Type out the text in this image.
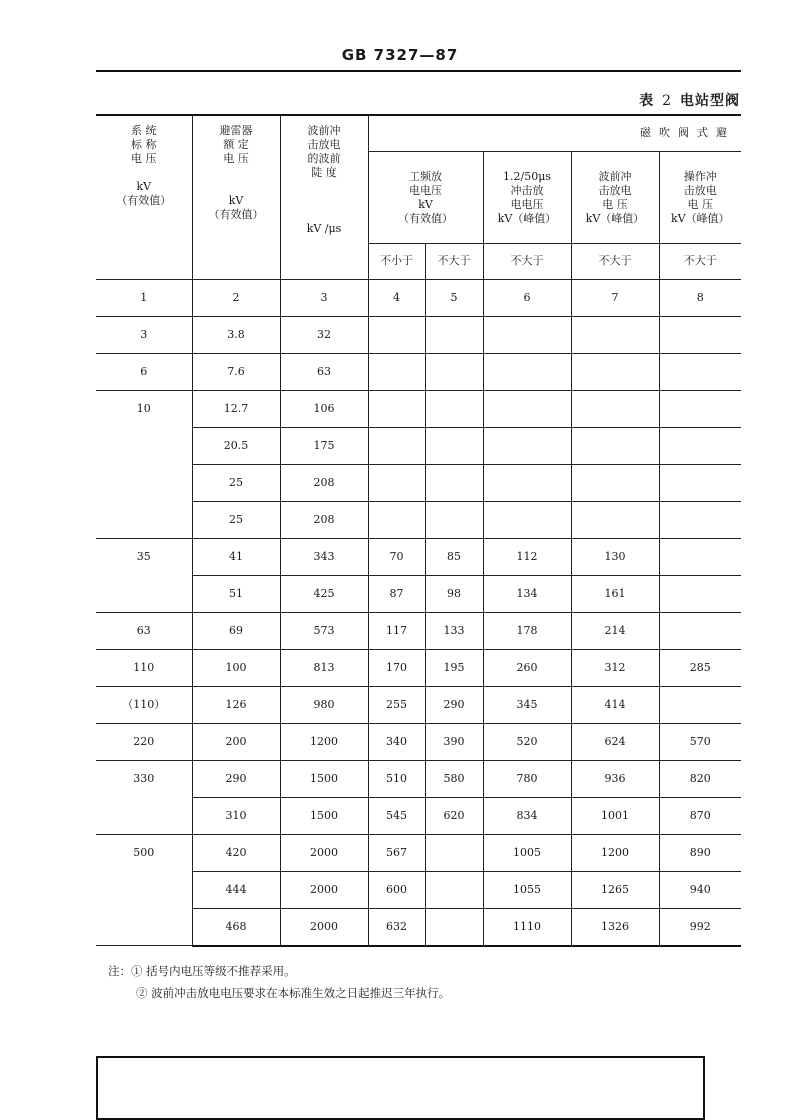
GB 7327—87
表 2 电站型阀
系 统
标 称
电 压

kV
（有效值）	避雷器
额 定
电 压

kV
（有效值）	波前冲
击放电
的波前
陡 度

kV /μs	磁吹阀式避				

			工频放
电电压
kV
（有效值）		1.2/50μs
冲击放
电电压
kV（峰值）	波前冲
击放电
电 压
kV（峰值）	操作冲
击放电
电 压
kV（峰值）

			不小于	不大于	不大于	不大于	不大于
1	2	3	4	5	6	7	8
3	3.8	32					
6	7.6	63					
10	12.7	106					
	20.5	175					
	25	208					
	25	208					
35	41	343	70	85	112	130	
	51	425	87	98	134	161	
63	69	573	117	133	178	214	
110	100	813	170	195	260	312	285
（110）	126	980	255	290	345	414	
220	200	1200	340	390	520	624	570
330	290	1500	510	580	780	936	820
	310	1500	545	620	834	1001	870
500	420	2000	567		1005	1200	890
	444	2000	600		1055	1265	940
	468	2000	632		1110	1326	992
注：① 括号内电压等级不推荐采用。
② 波前冲击放电电压要求在本标准生效之日起推迟三年执行。
